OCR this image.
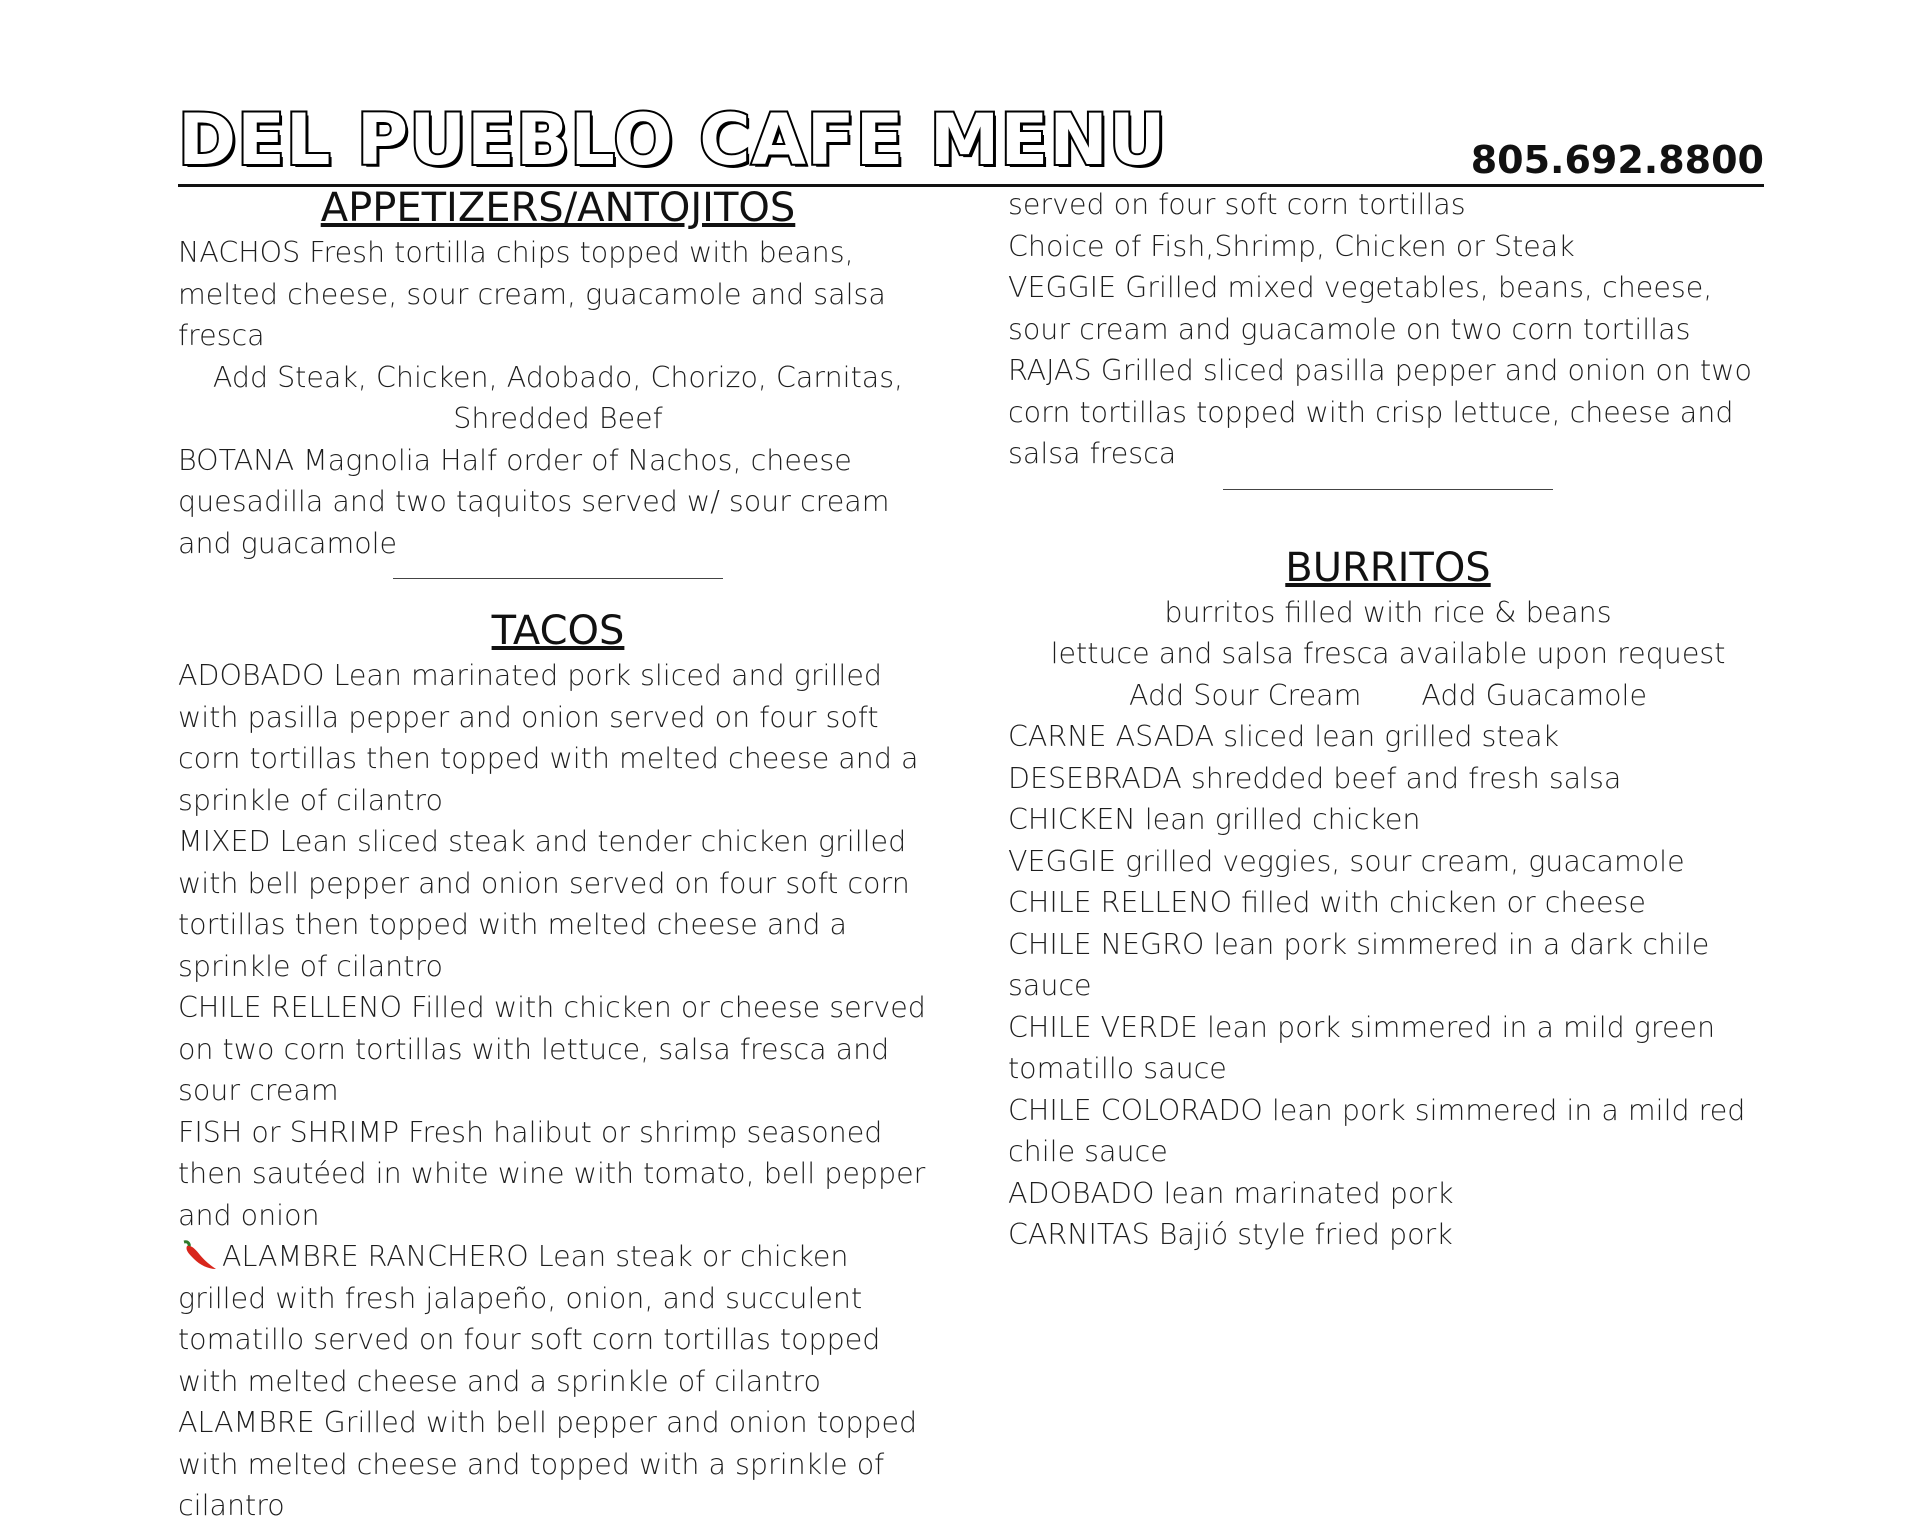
DEL PUEBLO CAFE MENU	805.692.8800
APPETIZERS/ANTOJITOS

NACHOS Fresh tortilla chips topped with beans, melted cheese, sour cream, guacamole and salsa fresca

Add Steak, Chicken, Adobado, Chorizo, Carnitas, Shredded Beef

BOTANA Magnolia Half order of Nachos, cheese quesadilla and two taquitos served w/ sour cream and guacamole

TACOS

ADOBADO Lean marinated pork sliced and grilled with pasilla pepper and onion served on four soft corn tortillas then topped with melted cheese and a sprinkle of cilantro

MIXED Lean sliced steak and tender chicken grilled with bell pepper and onion served on four soft corn tortillas then topped with melted cheese and a sprinkle of cilantro

CHILE RELLENO Filled with chicken or cheese served on two corn tortillas with lettuce, salsa fresca and sour cream

FISH or SHRIMP Fresh halibut or shrimp seasoned then sautéed in white wine with tomato, bell pepper and onion

ALAMBRE RANCHERO Lean steak or chicken grilled with fresh jalapeño, onion, and succulent tomatillo served on four soft corn tortillas topped with melted cheese and a sprinkle of cilantro

ALAMBRE Grilled with bell pepper and onion topped with melted cheese and topped with a sprinkle of cilantro

served on four soft corn tortillas

Choice of Fish,Shrimp, Chicken or Steak

VEGGIE Grilled mixed vegetables, beans, cheese, sour cream and guacamole on two corn tortillas

RAJAS Grilled sliced pasilla pepper and onion on two corn tortillas topped with crisp lettuce, cheese and salsa fresca

BURRITOS

burritos filled with rice & beans

lettuce and salsa fresca available upon request

Add Sour Cream Add Guacamole

CARNE ASADA sliced lean grilled steak

DESEBRADA shredded beef and fresh salsa

CHICKEN lean grilled chicken

VEGGIE grilled veggies, sour cream, guacamole

CHILE RELLENO filled with chicken or cheese

CHILE NEGRO lean pork simmered in a dark chile sauce

CHILE VERDE lean pork simmered in a mild green tomatillo sauce

CHILE COLORADO lean pork simmered in a mild red chile sauce

ADOBADO lean marinated pork

CARNITAS Bajió style fried pork
